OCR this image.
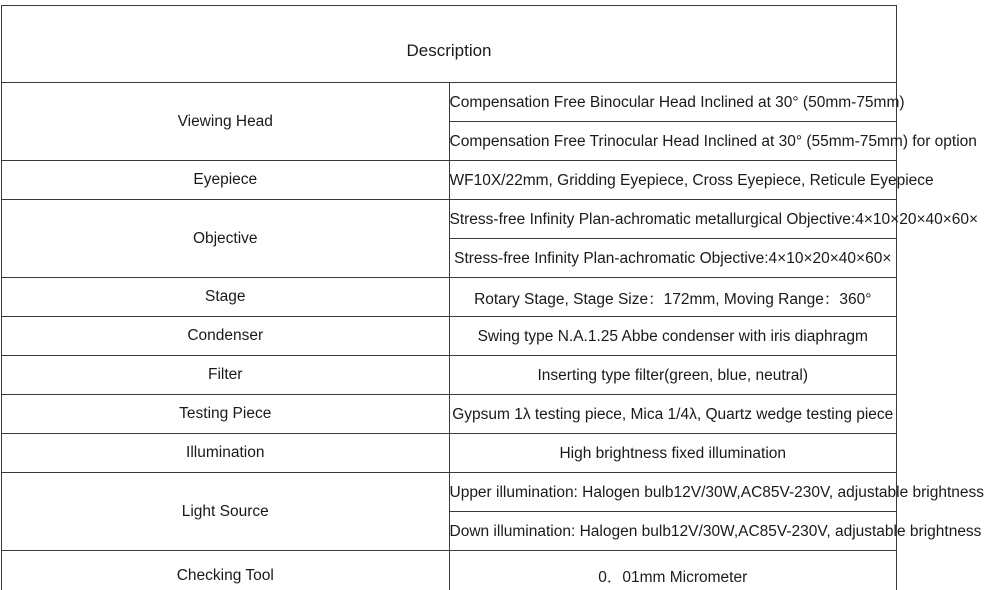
Description	
Viewing Head	Compensation Free Binocular Head Inclined at 30° (50mm-75mm)
	Compensation Free Trinocular Head Inclined at 30° (55mm-75mm) for option
Eyepiece	WF10X/22mm, Gridding Eyepiece, Cross Eyepiece, Reticule Eyepiece
Objective	Stress-free Infinity Plan-achromatic metallurgical Objective:4×10×20×40×60×
	Stress-free Infinity Plan-achromatic Objective:4×10×20×40×60×
Stage	Rotary Stage, Stage Size：172mm, Moving Range：360°
Condenser	Swing type N.A.1.25 Abbe condenser with iris diaphragm
Filter	Inserting type filter(green, blue, neutral)
Testing Piece	Gypsum 1λ testing piece, Mica 1/4λ, Quartz wedge testing piece
Illumination	High brightness fixed illumination
Light Source	Upper illumination: Halogen bulb12V/30W,AC85V-230V, adjustable brightness
	Down illumination: Halogen bulb12V/30W,AC85V-230V, adjustable brightness
Checking Tool	0．01mm Micrometer
